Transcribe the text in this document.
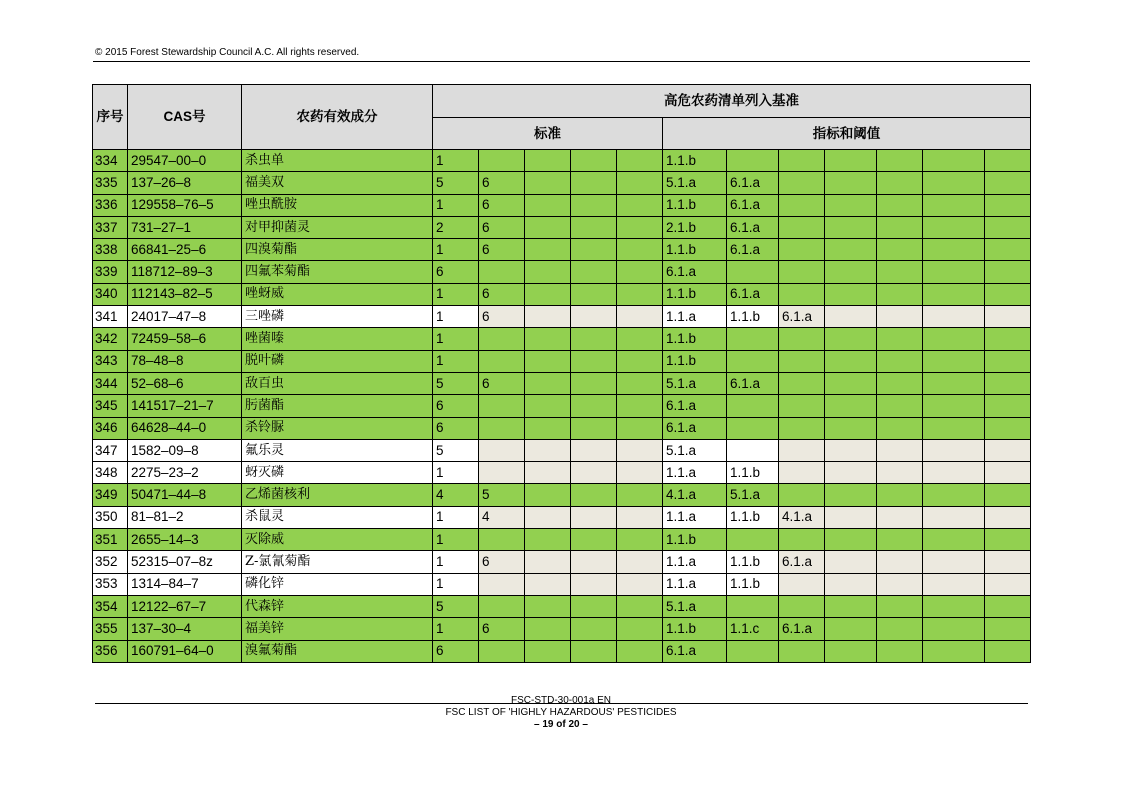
© 2015 Forest Stewardship Council A.C. All rights reserved.
序号	CAS号	农药有效成分	高危农药清单列入基准											
			标准					指标和阈值						
334	29547–00–0	杀虫单	1					1.1.b						
335	137–26–8	福美双	5	6				5.1.a	6.1.a					
336	129558–76–5	唑虫酰胺	1	6				1.1.b	6.1.a					
337	731–27–1	对甲抑菌灵	2	6				2.1.b	6.1.a					
338	66841–25–6	四溴菊酯	1	6				1.1.b	6.1.a					
339	118712–89–3	四氟苯菊酯	6					6.1.a						
340	112143–82–5	唑蚜威	1	6				1.1.b	6.1.a					
341	24017–47–8	三唑磷	1	6				1.1.a	1.1.b	6.1.a				
342	72459–58–6	唑菌嗪	1					1.1.b						
343	78–48–8	脱叶磷	1					1.1.b						
344	52–68–6	敌百虫	5	6				5.1.a	6.1.a					
345	141517–21–7	肟菌酯	6					6.1.a						
346	64628–44–0	杀铃脲	6					6.1.a						
347	1582–09–8	氟乐灵	5					5.1.a						
348	2275–23–2	蚜灭磷	1					1.1.a	1.1.b					
349	50471–44–8	乙烯菌核利	4	5				4.1.a	5.1.a					
350	81–81–2	杀鼠灵	1	4				1.1.a	1.1.b	4.1.a				
351	2655–14–3	灭除威	1					1.1.b						
352	52315–07–8z	Z-氯氰菊酯	1	6				1.1.a	1.1.b	6.1.a				
353	1314–84–7	磷化锌	1					1.1.a	1.1.b					
354	12122–67–7	代森锌	5					5.1.a						
355	137–30–4	福美锌	1	6				1.1.b	1.1.c	6.1.a				
356	160791–64–0	溴氟菊酯	6					6.1.a						
FSC-STD-30-001a EN
FSC LIST OF 'HIGHLY HAZARDOUS' PESTICIDES
– 19 of 20 –
